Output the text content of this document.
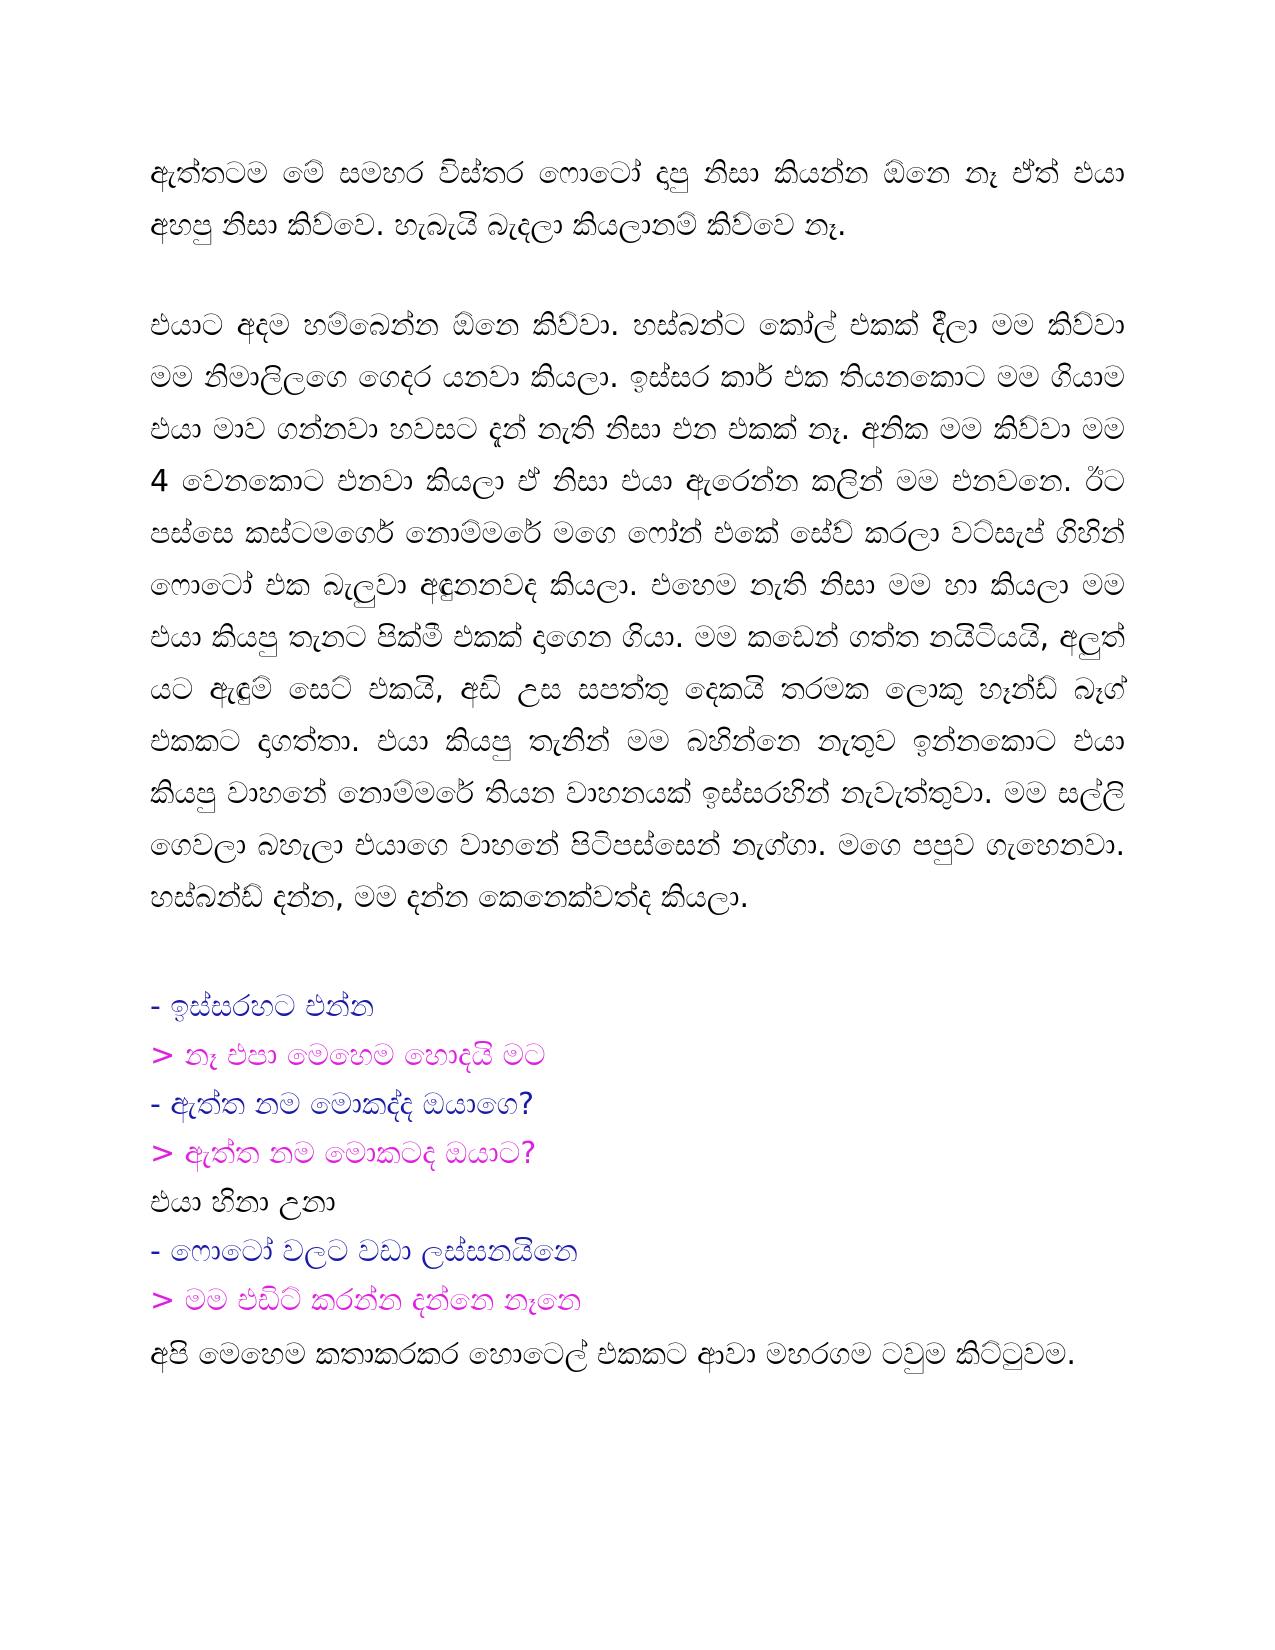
ඇත්තටම මේ සමහර විස්තර ෆොටෝ දාපු නිසා කියන්න ඕනෙ නෑ ඒත් එයා අහපු නිසා කිව්වෙ. හැබැයි බැදලා කියලානම් කිව්වෙ නෑ.

එයාට අදම හම්බෙන්න ඕනෙ කිව්වා. හස්බන්ට කෝල් එකක් දීලා මම කිව්වා මම නිමාලිලගෙ ගෙදර යනවා කියලා. ඉස්සර කාර් එක තියනකොට මම ගියාම එයා මාව ගන්නවා හවසට දැන් නැති නිසා එන එකක් නෑ. අනික මම කිව්වා මම 4 වෙනකොට එනවා කියලා ඒ නිසා එයා ඇරෙන්න කලින් මම එනවනෙ. ඊට පස්සෙ කස්ටමර්ගෙ නොම්මරේ මගෙ ෆෝන් එකේ සේව් කරලා වට්සැප් ගිහින් ෆොටෝ එක බැලුවා අඳුනනවද කියලා. එහෙම නැති නිසා මම හා කියලා මම එයා කියපු තැනට පික්මී එකක් දාගෙන ගියා. මම කඩෙන් ගත්ත නයිටියයි, අලුත් යට ඇඳුම් සෙට් එකයි, අඩි උස සපත්තු දෙකයි තරමක ලොකු හෑන්ඩ් බෑග් එකකට දාගත්තා. එයා කියපු තැනින් මම බහින්නෙ නැතුව ඉන්නකොට එයා කියපු වාහනේ නොම්මරේ තියන වාහනයක් ඉස්සරහින් නැවැත්තුවා. මම සල්ලි ගෙවලා බහැලා එයාගෙ වාහනේ පිටිපස්සෙන් නැග්ගා. මගෙ පපුව ගැහෙනවා. හස්බන්ඩ් දන්න, මම දන්න කෙනෙක්වත්ද කියලා.

- ඉස්සරහට එන්න

> නෑ එපා මෙහෙම හොදයි මට

- ඇත්ත නම මොකද්ද ඔයාගෙ?

> ඇත්ත නම මොකටද ඔයාට?

එයා හිනා උනා

- ෆොටෝ වලට වඩා ලස්සනයිනෙ

> මම එඩිට් කරන්න දන්නෙ නෑනෙ

අපි මෙහෙම කතාකරකර හොටෙල් එකකට ආවා මහරගම ටවුම කිට්ටුවම.
